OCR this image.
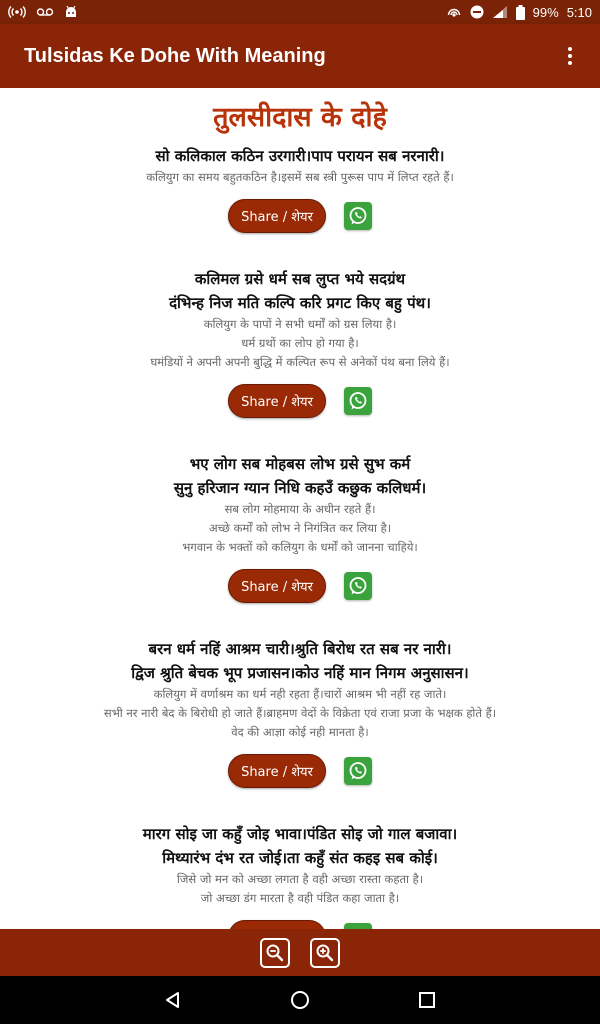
99% 5:10
Tulsidas Ke Dohe With Meaning
तुलसीदास के दोहे
सो कलिकाल कठिन उरगारी।पाप परायन सब नरनारी।
कलियुग का समय बहुतकठिन है।इसमें सब स्त्री पुरूस पाप में लिप्त रहते हैं।
Share / शेयर
कलिमल ग्रसे धर्म सब लुप्त भये सदग्रंथ
दंभिन्ह निज मति कल्पि करि प्रगट किए बहु पंथ।
कलियुग के पापों ने सभी धर्मों को ग्रस लिया है।
धर्म ग्रथों का लोप हो गया है।
घमंडियों ने अपनी अपनी बुद्धि में कल्पित रूप से अनेकों पंथ बना लिये हैं।
Share / शेयर
भए लोग सब मोहबस लोभ ग्रसे सुभ कर्म
सुनु हरिजान ग्यान निधि कहउँ कछुक कलिधर्म।
सब लोग मोहमाया के अधीन रहते हैं।
अच्छे कर्मों को लोभ ने निगंत्रित कर लिया है।
भगवान के भक्तों को कलियुग के धर्मों को जानना चाहिये।
Share / शेयर
बरन धर्म नहिं आश्रम चारी।श्रुति बिरोध रत सब नर नारी।
द्विज श्रुति बेचक भूप प्रजासन।कोउ नहिं मान निगम अनुसासन।
कलियुग में वर्णाश्रम का धर्म नही रहता हैं।चारों आश्रम भी नहीं रह जाते।
सभी नर नारी बेद के बिरोधी हो जाते हैं।ब्राहमण वेदों के विक्रेता एवं राजा प्रजा के भक्षक होते हैं।
वेद की आज्ञा कोई नही मानता है।
Share / शेयर
मारग सोइ जा कहुँ जोइ भावा।पंडित सोइ जो गाल बजावा।
मिथ्यारंभ दंभ रत जोई।ता कहुँ संत कहइ सब कोई।
जिसे जो मन को अच्छा लगता है वही अच्छा रास्ता कहता है।
जो अच्छा डंग मारता है वही पंडित कहा जाता है।
